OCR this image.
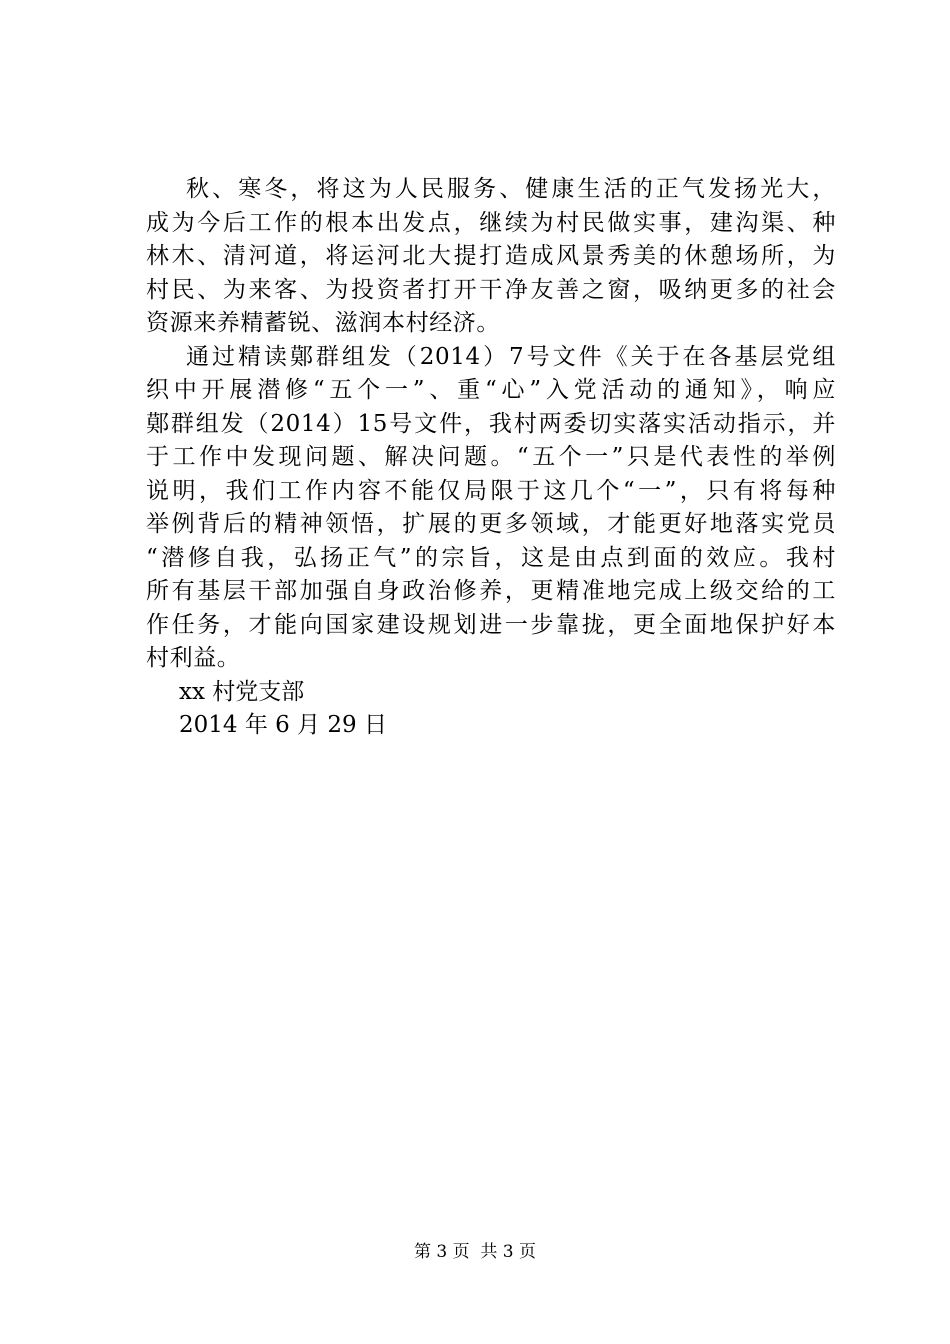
秋、寒冬，将这为人民服务、健康生活的正气发扬光大，
成为今后工作的根本出发点，继续为村民做实事，建沟渠、种
林木、清河道，将运河北大提打造成风景秀美的休憩场所，为
村民、为来客、为投资者打开干净友善之窗，吸纳更多的社会
资源来养精蓄锐、滋润本村经济。
通过精读鄚群组发（2014）7号文件《关于在各基层党组
织中开展潜修“五个一”、重“心”入党活动的通知》，响应
鄚群组发（2014）15号文件，我村两委切实落实活动指示，并
于工作中发现问题、解决问题。“五个一”只是代表性的举例
说明，我们工作内容不能仅局限于这几个“一”，只有将每种
举例背后的精神领悟，扩展的更多领域，才能更好地落实党员
“潜修自我，弘扬正气”的宗旨，这是由点到面的效应。我村
所有基层干部加强自身政治修养，更精准地完成上级交给的工
作任务，才能向国家建设规划进一步靠拢，更全面地保护好本
村利益。
xx 村党支部
2014 年 6 月 29 日
第 3 页  共 3 页
